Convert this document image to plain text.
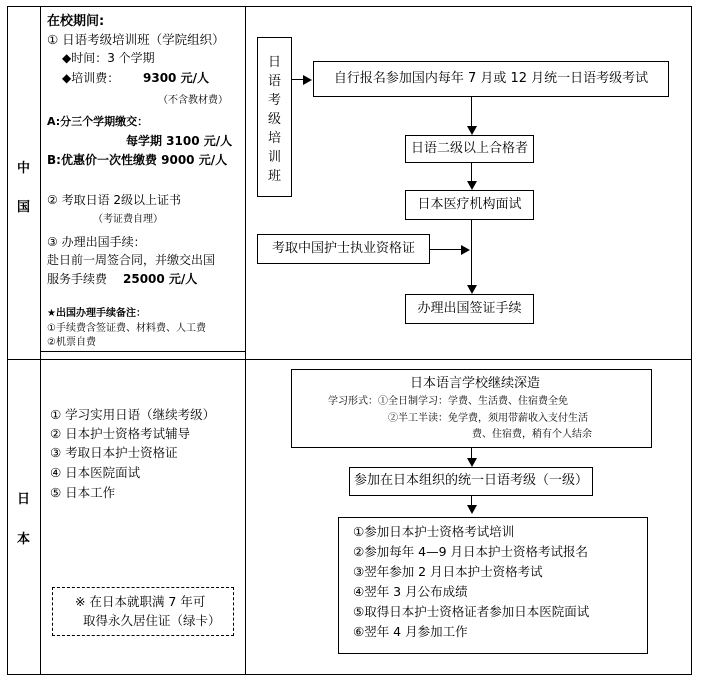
中
国
日
本
在校期间:
① 日语考级培训班（学院组织）
◆时间：3 个学期
◆培训费： 9300 元/人
（不含教材费）
A:分三个学期缴交：
每学期 3100 元/人
B:优惠价一次性缴费 9000 元/人
② 考取日语 2级以上证书
（考证费自理）
③ 办理出国手续：
赴日前一周签合同，并缴交出国
服务手续费 25000 元/人
★出国办理手续备注：
①手续费含签证费、材料费、人工费
②机票自费
日
语
考
级
培
训
班
自行报名参加国内每年 7 月或 12 月统一日语考级考试
日语二级以上合格者
日本医疗机构面试
考取中国护士执业资格证
办理出国签证手续
① 学习实用日语（继续考级）
② 日本护士资格考试辅导
③ 考取日本护士资格证
④ 日本医院面试
⑤ 日本工作
※ 在日本就职满 7 年可
取得永久居住证（绿卡）
日本语言学校继续深造
学习形式：①全日制学习：学费、生活费、住宿费全免
②半工半读：免学费，须用带薪收入支付生活
费、住宿费，稍有个人结余
参加在日本组织的统一日语考级（一级）
①参加日本护士资格考试培训
②参加每年 4—9 月日本护士资格考试报名
③翌年参加 2 月日本护士资格考试
④翌年 3 月公布成绩
⑤取得日本护士资格证者参加日本医院面试
⑥翌年 4 月参加工作
